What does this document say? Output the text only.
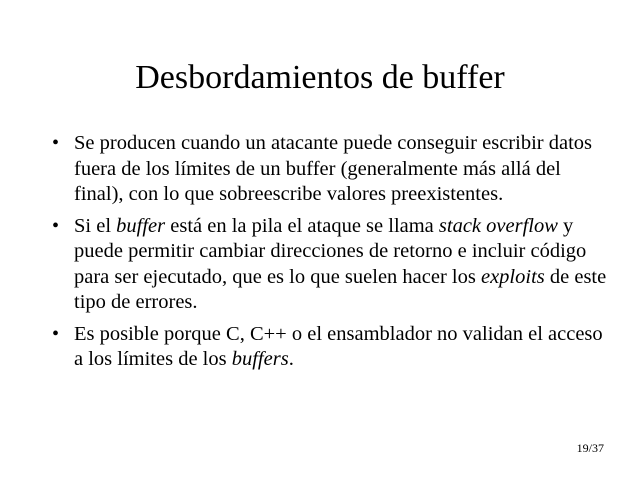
Desbordamientos de buffer
• Se producen cuando un atacante puede conseguir escribir datos fuera de los límites de un buffer (generalmente más allá del final), con lo que sobreescribe valores preexistentes.
• Si el buffer está en la pila el ataque se llama stack overflow y puede permitir cambiar direcciones de retorno e incluir código para ser ejecutado, que es lo que suelen hacer los exploits de este tipo de errores.
• Es posible porque C, C++ o el ensamblador no validan el acceso a los límites de los buffers.
19/37
